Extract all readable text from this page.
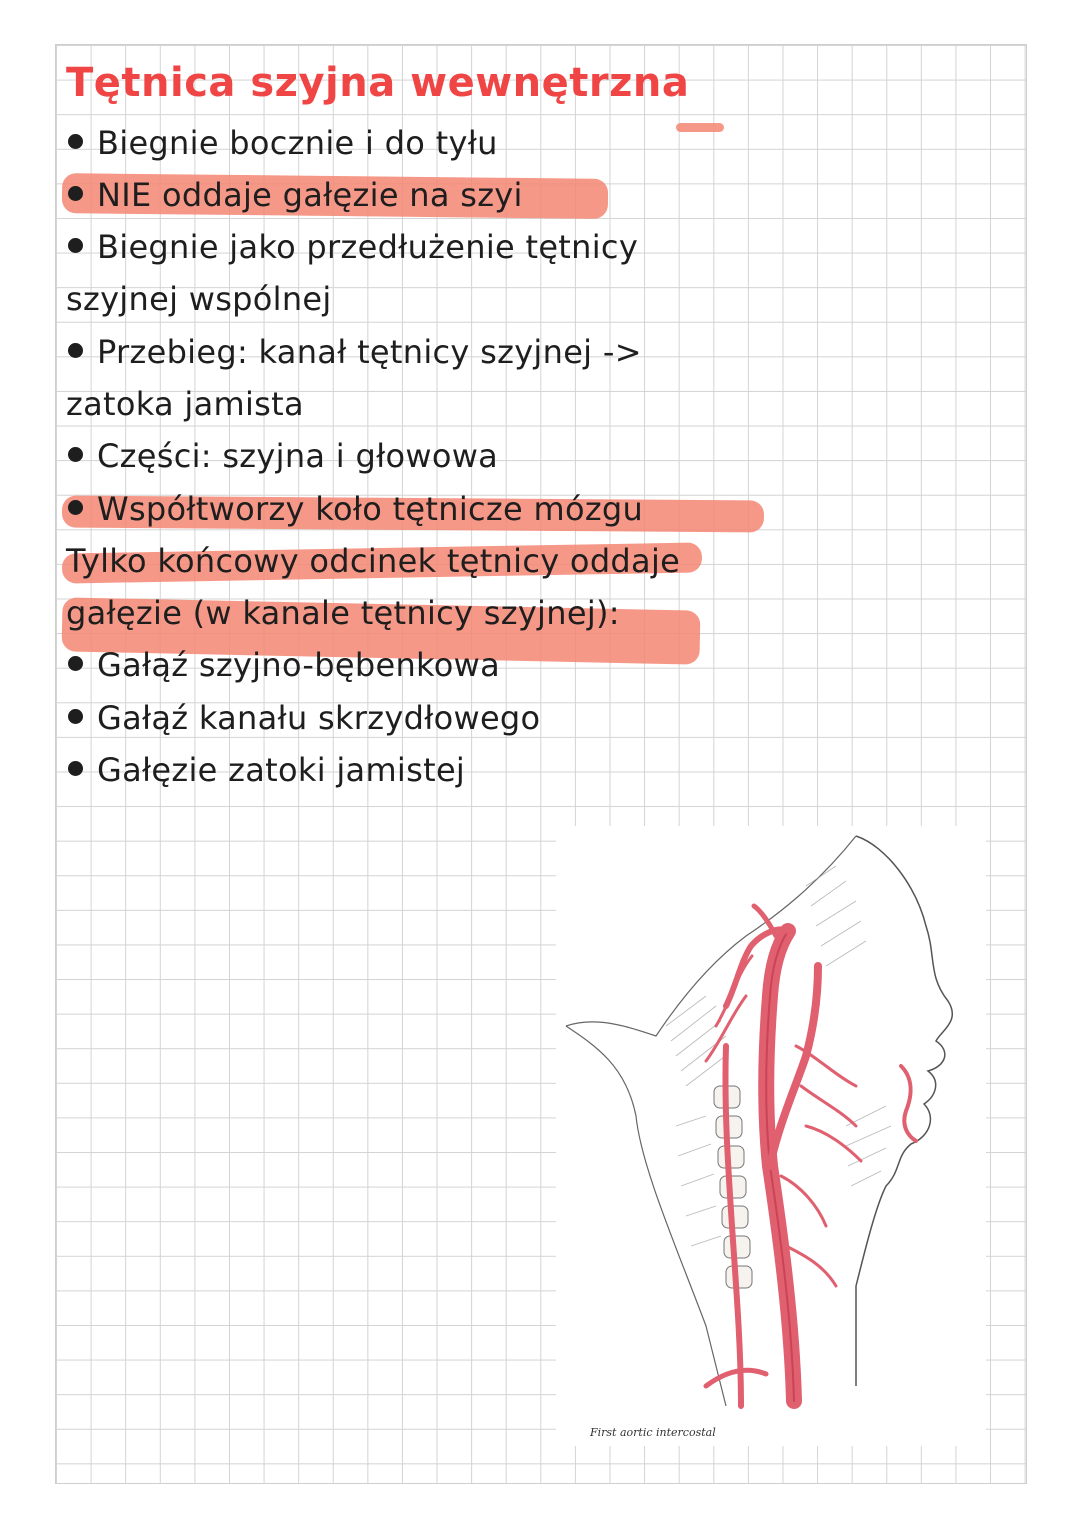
Tętnica szyjna wewnętrzna

Biegnie bocznie i do tyłu

NIE oddaje gałęzie na szyi

Biegnie jako przedłużenie tętnicy

szyjnej wspólnej

Przebieg: kanał tętnicy szyjnej ->

zatoka jamista

Części: szyjna i głowowa

Współtworzy koło tętnicze mózgu

Tylko końcowy odcinek tętnicy oddaje

gałęzie (w kanale tętnicy szyjnej):

Gałąź szyjno-bębenkowa

Gałąź kanału skrzydłowego

Gałęzie zatoki jamistej

First aortic intercostal
